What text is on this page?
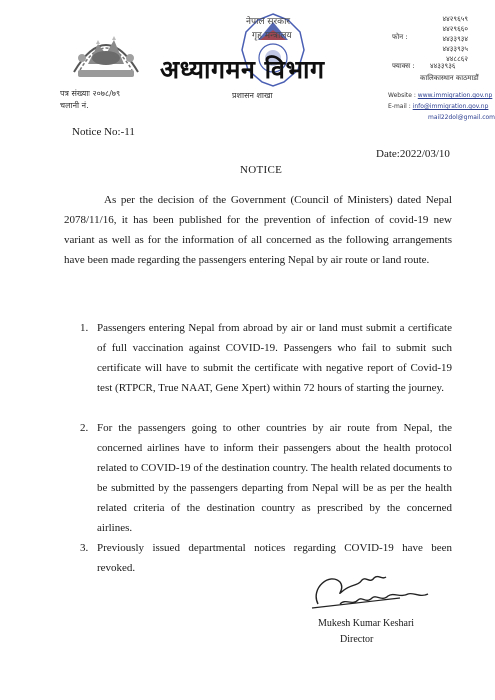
नेपाल सरकार
गृह मन्त्रालय
अध्यागमन विभाग
प्रशासन शाखा
पत्र संख्याः २०७८/७९
चलानी नं.
४४२९६५९
४४२९६६०
४४३३९३४
४४३३९३५
४४८८६२
फोन :
फ्याक्स : ४४३३९३६
कालिकास्थान काठमाडौं
Website : www.immigration.gov.np
E-mail : info@immigration.gov.np
mail22dol@gmail.com
Notice No:-11
Date:2022/03/10
NOTICE

As per the decision of the Government (Council of Ministers) dated Nepal 2078/11/16, it has been published for the prevention of infection of covid-19 new variant as well as for the information of all concerned as the following arrangements have been made regarding the passengers entering Nepal by air route or land route.

1. Passengers entering Nepal from abroad by air or land must submit a certificate of full vaccination against COVID-19. Passengers who fail to submit such certificate will have to submit the certificate with negative report of Covid-19 test (RTPCR, True NAAT, Gene Xpert) within 72 hours of starting the journey.
2. For the passengers going to other countries by air route from Nepal, the concerned airlines have to inform their passengers about the health protocol related to COVID-19 of the destination country. The health related documents to be submitted by the passengers departing from Nepal will be as per the health related criteria of the destination country as prescribed by the concerned airlines.
3. Previously issued departmental notices regarding COVID-19 have been revoked.
Mukesh Kumar Keshari
Director
